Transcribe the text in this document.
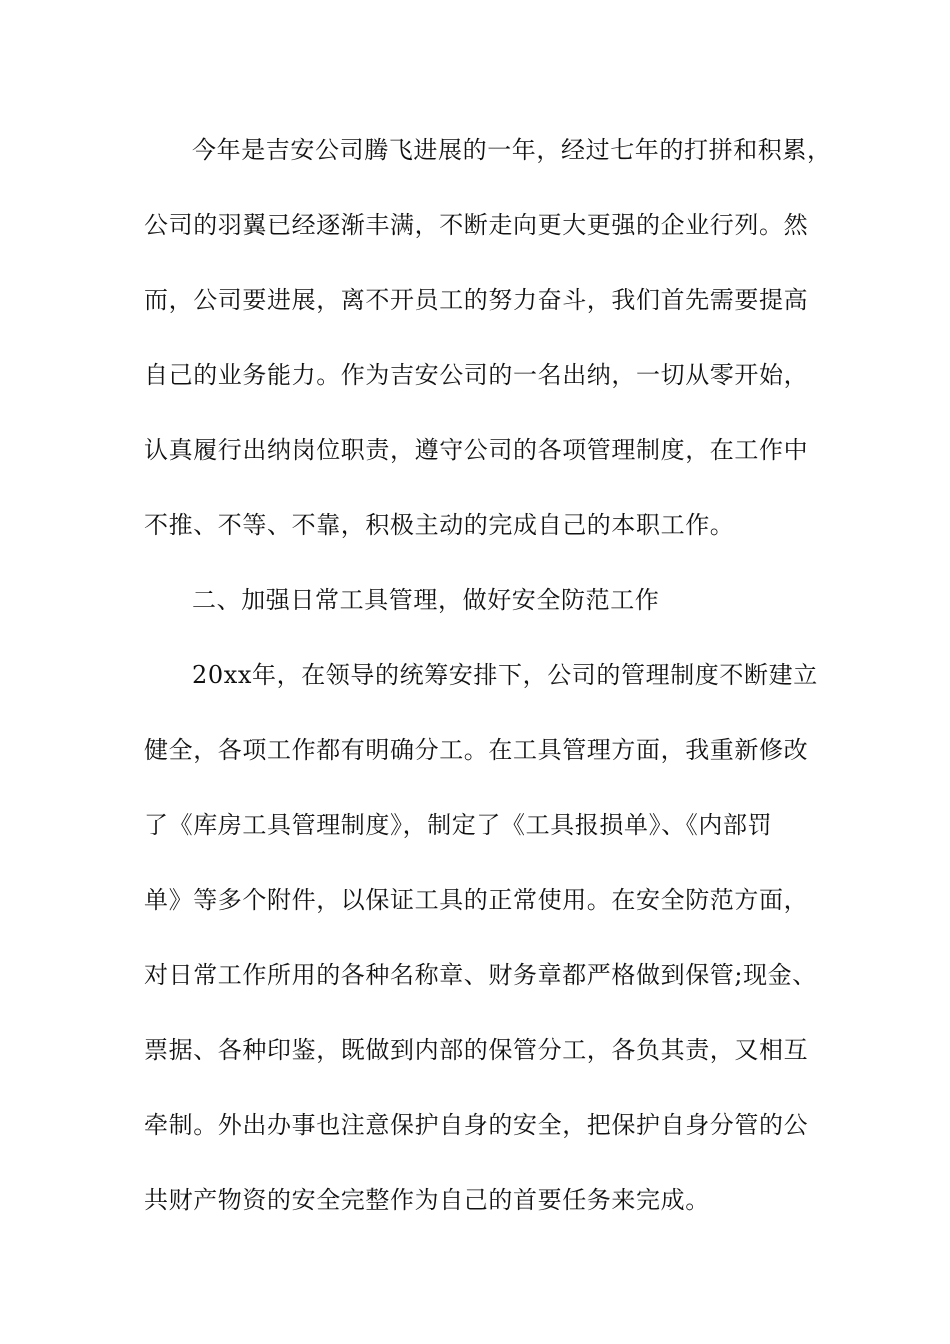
今年是吉安公司腾飞进展的一年，经过七年的打拼和积累，
公司的羽翼已经逐渐丰满，不断走向更大更强的企业行列。然
而，公司要进展，离不开员工的努力奋斗，我们首先需要提高
自己的业务能力。作为吉安公司的一名出纳，一切从零开始，
认真履行出纳岗位职责，遵守公司的各项管理制度，在工作中
不推、不等、不靠，积极主动的完成自己的本职工作。
二、加强日常工具管理，做好安全防范工作
20xx年，在领导的统筹安排下，公司的管理制度不断建立
健全，各项工作都有明确分工。在工具管理方面，我重新修改
了《库房工具管理制度》，制定了《工具报损单》、《内部罚
单》等多个附件，以保证工具的正常使用。在安全防范方面，
对日常工作所用的各种名称章、财务章都严格做到保管;现金、
票据、各种印鉴，既做到内部的保管分工，各负其责，又相互
牵制。外出办事也注意保护自身的安全，把保护自身分管的公
共财产物资的安全完整作为自己的首要任务来完成。
